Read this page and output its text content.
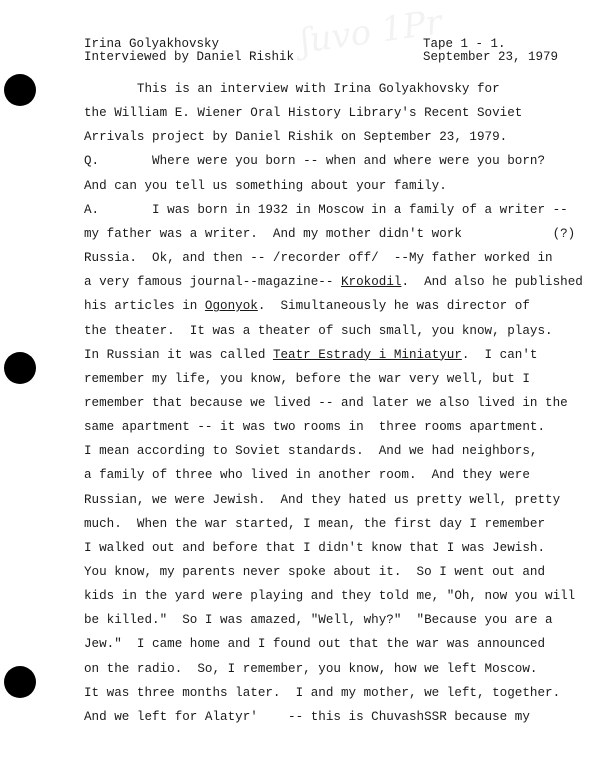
ʃuvo 1Pr
Irina Golyakhovsky
Interviewed by Daniel Rishik
Tape 1 - 1.
September 23, 1979
This is an interview with Irina Golyakhovsky for
the William E. Wiener Oral History Library's Recent Soviet
Arrivals project by Daniel Rishik on September 23, 1979.
Q.       Where were you born -- when and where were you born?
And can you tell us something about your family.
A.       I was born in 1932 in Moscow in a family of a writer --
my father was a writer.  And my mother didn't work            (?)
Russia.  Ok, and then -- /recorder off/  --My father worked in
a very famous journal--magazine-- Krokodil.  And also he published
his articles in Ogonyok.  Simultaneously he was director of
the theater.  It was a theater of such small, you know, plays.
In Russian it was called Teatr Estrady i Miniatyur.  I can't
remember my life, you know, before the war very well, but I
remember that because we lived -- and later we also lived in the
same apartment -- it was two rooms in  three rooms apartment.
I mean according to Soviet standards.  And we had neighbors,
a family of three who lived in another room.  And they were
Russian, we were Jewish.  And they hated us pretty well, pretty
much.  When the war started, I mean, the first day I remember
I walked out and before that I didn't know that I was Jewish.
You know, my parents never spoke about it.  So I went out and
kids in the yard were playing and they told me, "Oh, now you will
be killed."  So I was amazed, "Well, why?"  "Because you are a
Jew."  I came home and I found out that the war was announced
on the radio.  So, I remember, you know, how we left Moscow.
It was three months later.  I and my mother, we left, together.
And we left for Alatyr'    -- this is ChuvashSSR because my
